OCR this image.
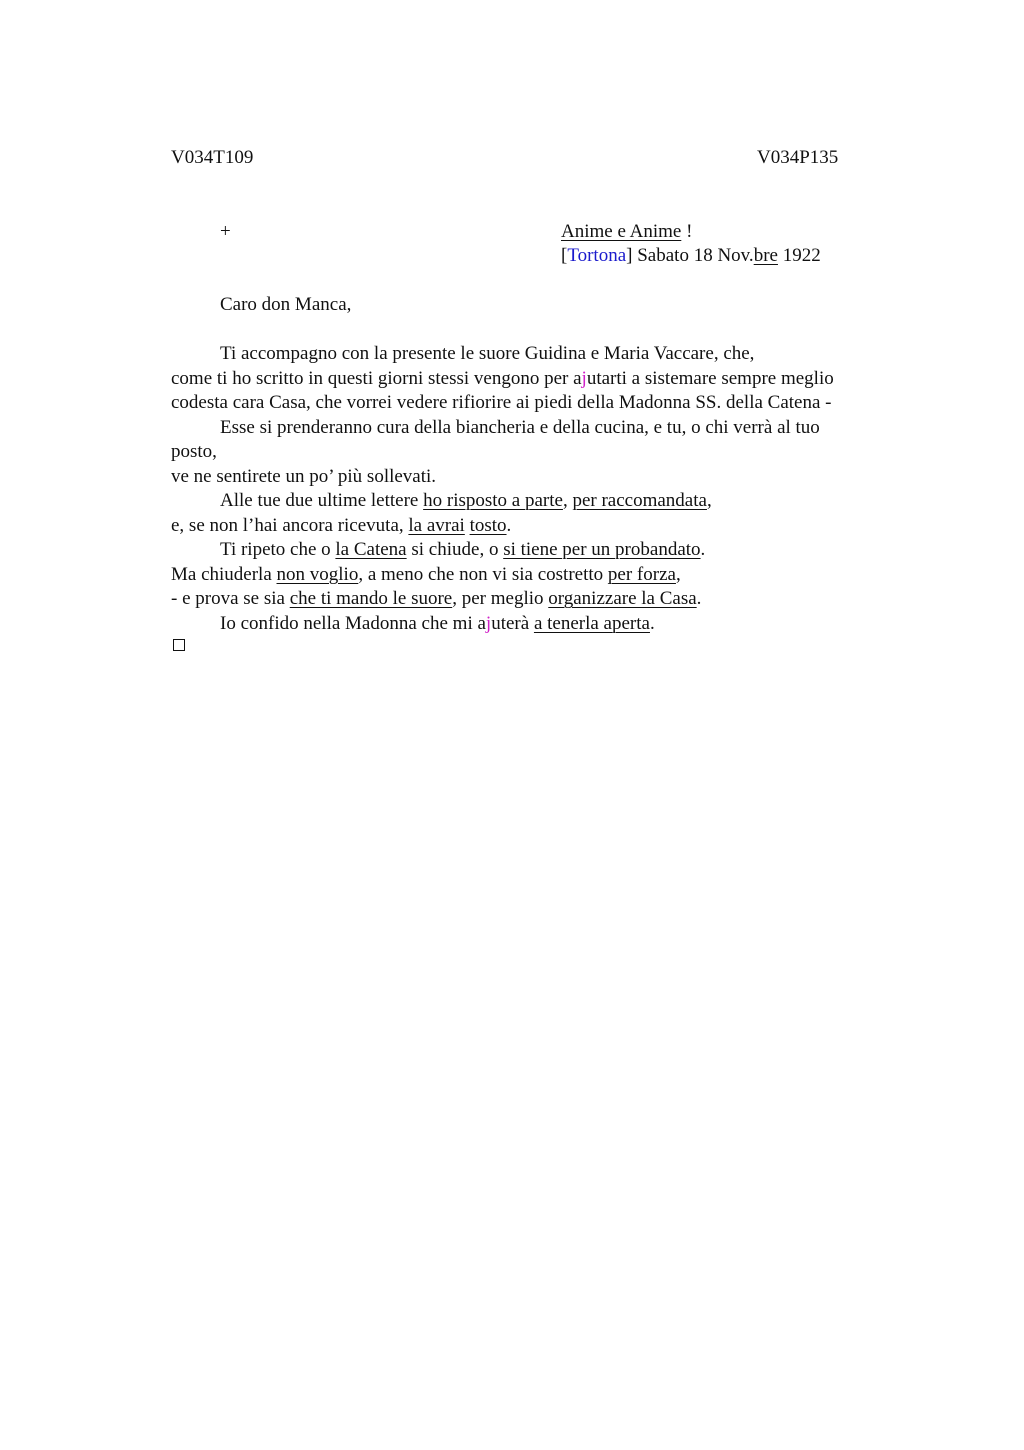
V034T109	V034P135
+	Anime e Anime !
[Tortona] Sabato 18 Nov.bre 1922
Caro don Manca,
Ti accompagno con la presente le suore Guidina e Maria Vaccare, che,
come ti ho scritto in questi giorni stessi vengono per ajutarti a sistemare sempre meglio
codesta cara Casa, che vorrei vedere rifiorire ai piedi della Madonna SS. della Catena -
Esse si prenderanno cura della biancheria e della cucina, e tu, o chi verrà al tuo
posto,
ve ne sentirete un po’ più sollevati.
Alle tue due ultime lettere ho risposto a parte, per raccomandata,
e, se non l’hai ancora ricevuta, la avrai tosto.
Ti ripeto che o la Catena si chiude, o si tiene per un probandato.
Ma chiuderla non voglio, a meno che non vi sia costretto per forza,
- e prova se sia che ti mando le suore, per meglio organizzare la Casa.
Io confido nella Madonna che mi ajuterà a tenerla aperta.
